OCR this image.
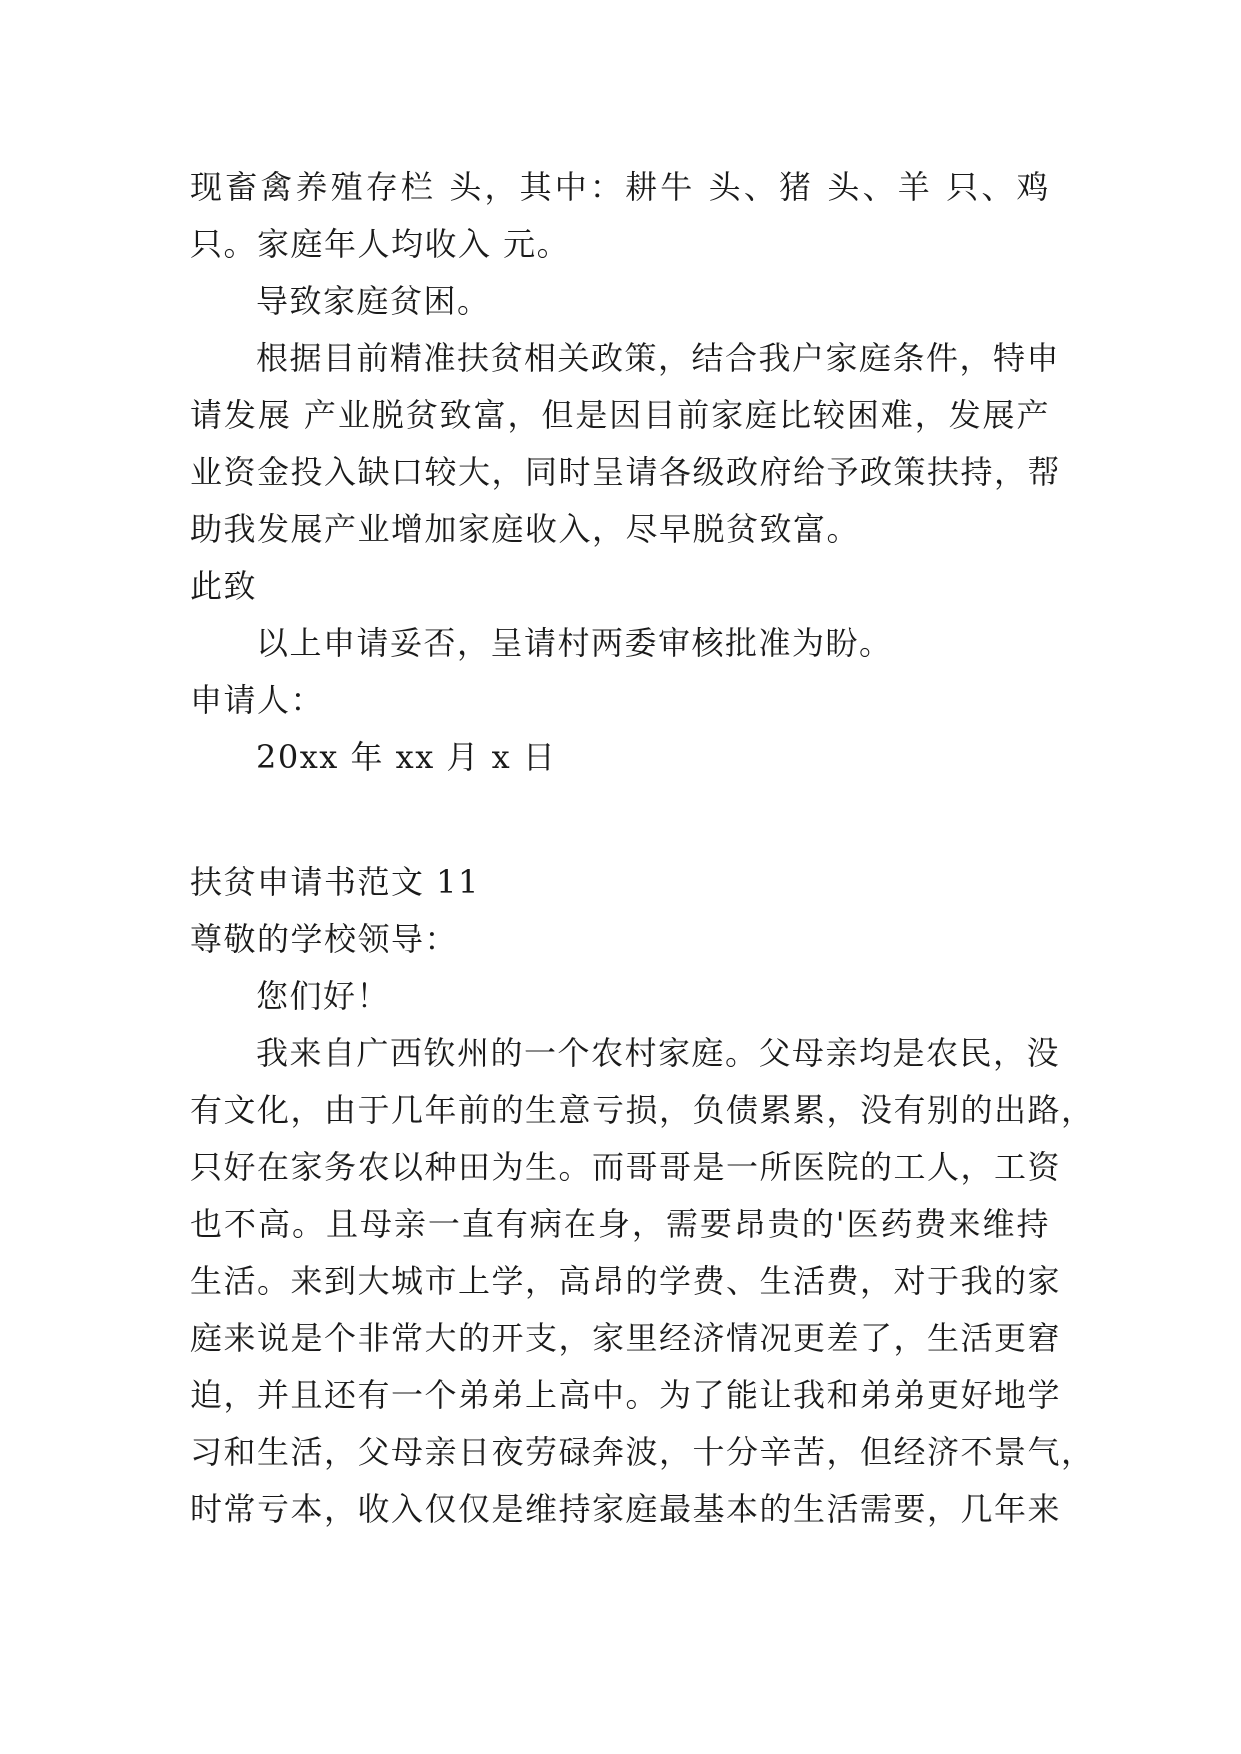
现畜禽养殖存栏 头，其中：耕牛 头、猪 头、羊 只、鸡
只。家庭年人均收入 元。
导致家庭贫困。
根据目前精准扶贫相关政策，结合我户家庭条件，特申
请发展 产业脱贫致富，但是因目前家庭比较困难，发展产
业资金投入缺口较大，同时呈请各级政府给予政策扶持，帮
助我发展产业增加家庭收入，尽早脱贫致富。
此致
以上申请妥否，呈请村两委审核批准为盼。
申请人：
20xx 年 xx 月 x 日
扶贫申请书范文 11
尊敬的学校领导：
您们好！
我来自广西钦州的一个农村家庭。父母亲均是农民，没
有文化，由于几年前的生意亏损，负债累累，没有别的出路，
只好在家务农以种田为生。而哥哥是一所医院的工人，工资
也不高。且母亲一直有病在身，需要昂贵的'医药费来维持
生活。来到大城市上学，高昂的学费、生活费，对于我的家
庭来说是个非常大的开支，家里经济情况更差了，生活更窘
迫，并且还有一个弟弟上高中。为了能让我和弟弟更好地学
习和生活，父母亲日夜劳碌奔波，十分辛苦，但经济不景气，
时常亏本，收入仅仅是维持家庭最基本的生活需要，几年来
